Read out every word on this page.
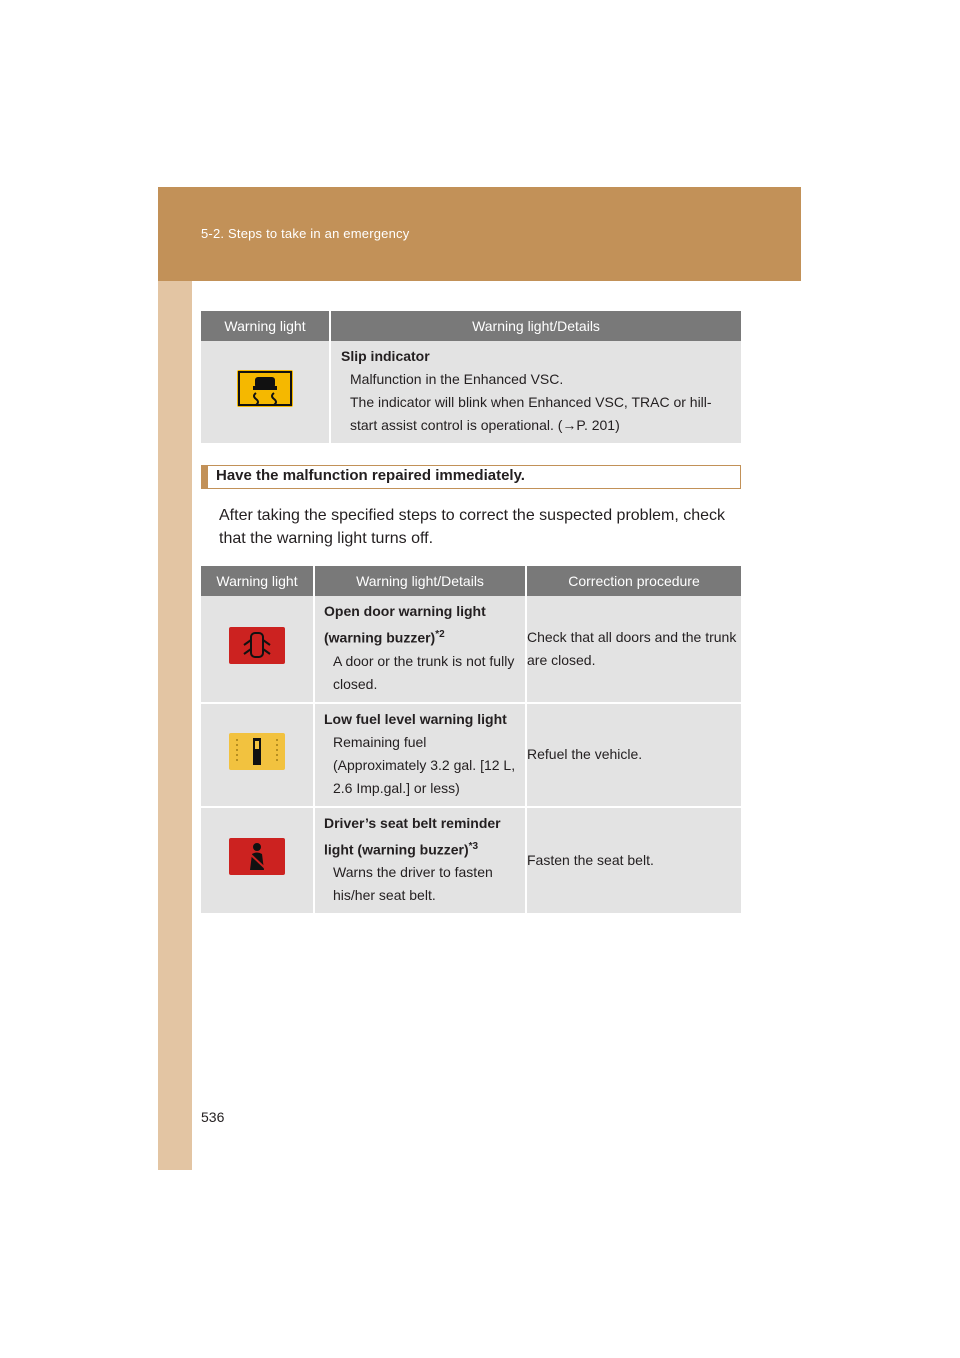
5-2. Steps to take in an emergency
Warning light	Warning light/Details

Slip indicator
Malfunction in the Enhanced VSC.
The indicator will blink when Enhanced VSC, TRAC or hill-start assist control is operational. (→P. 201)
Have the malfunction repaired immediately.
After taking the specified steps to correct the suspected problem, check that the warning light turns off.
Warning light	Warning light/Details	Correction procedure

Open door warning light (warning buzzer)$^{*2}$
A door or the trunk is not fully closed.	Check that all doors and the trunk are closed.

Low fuel level warning light
Remaining fuel (Approximately 3.2 gal. [12 L, 2.6 Imp.gal.] or less)	Refuel the vehicle.

Driver’s seat belt reminder light (warning buzzer)$^{*3}$
Warns the driver to fasten his/her seat belt.	Fasten the seat belt.
536
